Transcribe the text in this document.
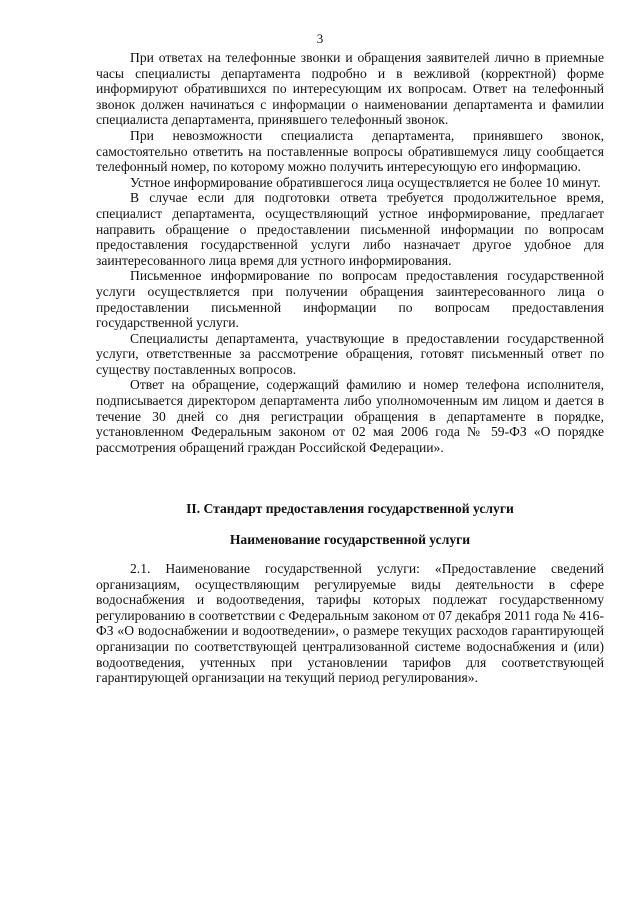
3

При ответах на телефонные звонки и обращения заявителей лично в приемные часы специалисты департамента подробно и в вежливой (корректной) форме информируют обратившихся по интересующим их вопросам. Ответ на телефонный звонок должен начинаться с информации о наименовании департамента и фамилии специалиста департамента, принявшего телефонный звонок.

При невозможности специалиста департамента, принявшего звонок, самостоятельно ответить на поставленные вопросы обратившемуся лицу сообщается телефонный номер, по которому можно получить интересующую его информацию.

Устное информирование обратившегося лица осуществляется не более 10 минут.

В случае если для подготовки ответа требуется продолжительное время, специалист департамента, осуществляющий устное информирование, предлагает направить обращение о предоставлении письменной информации по вопросам предоставления государственной услуги либо назначает другое удобное для заинтересованного лица время для устного информирования.

Письменное информирование по вопросам предоставления государственной услуги осуществляется при получении обращения заинтересованного лица о предоставлении письменной информации по вопросам предоставления государственной услуги.

Специалисты департамента, участвующие в предоставлении государственной услуги, ответственные за рассмотрение обращения, готовят письменный ответ по существу поставленных вопросов.

Ответ на обращение, содержащий фамилию и номер телефона исполнителя, подписывается директором департамента либо уполномоченным им лицом и дается в течение 30 дней со дня регистрации обращения в департаменте в порядке, установленном Федеральным законом от 02 мая 2006 года № 59-ФЗ «О порядке рассмотрения обращений граждан Российской Федерации».

II. Стандарт предоставления государственной услуги
Наименование государственной услуги

2.1. Наименование государственной услуги: «Предоставление сведений организациям, осуществляющим регулируемые виды деятельности в сфере водоснабжения и водоотведения, тарифы которых подлежат государственному регулированию в соответствии с Федеральным законом от 07 декабря 2011 года № 416-ФЗ «О водоснабжении и водоотведении», о размере текущих расходов гарантирующей организации по соответствующей централизованной системе водоснабжения и (или) водоотведения, учтенных при установлении тарифов для соответствующей гарантирующей организации на текущий период регулирования».
